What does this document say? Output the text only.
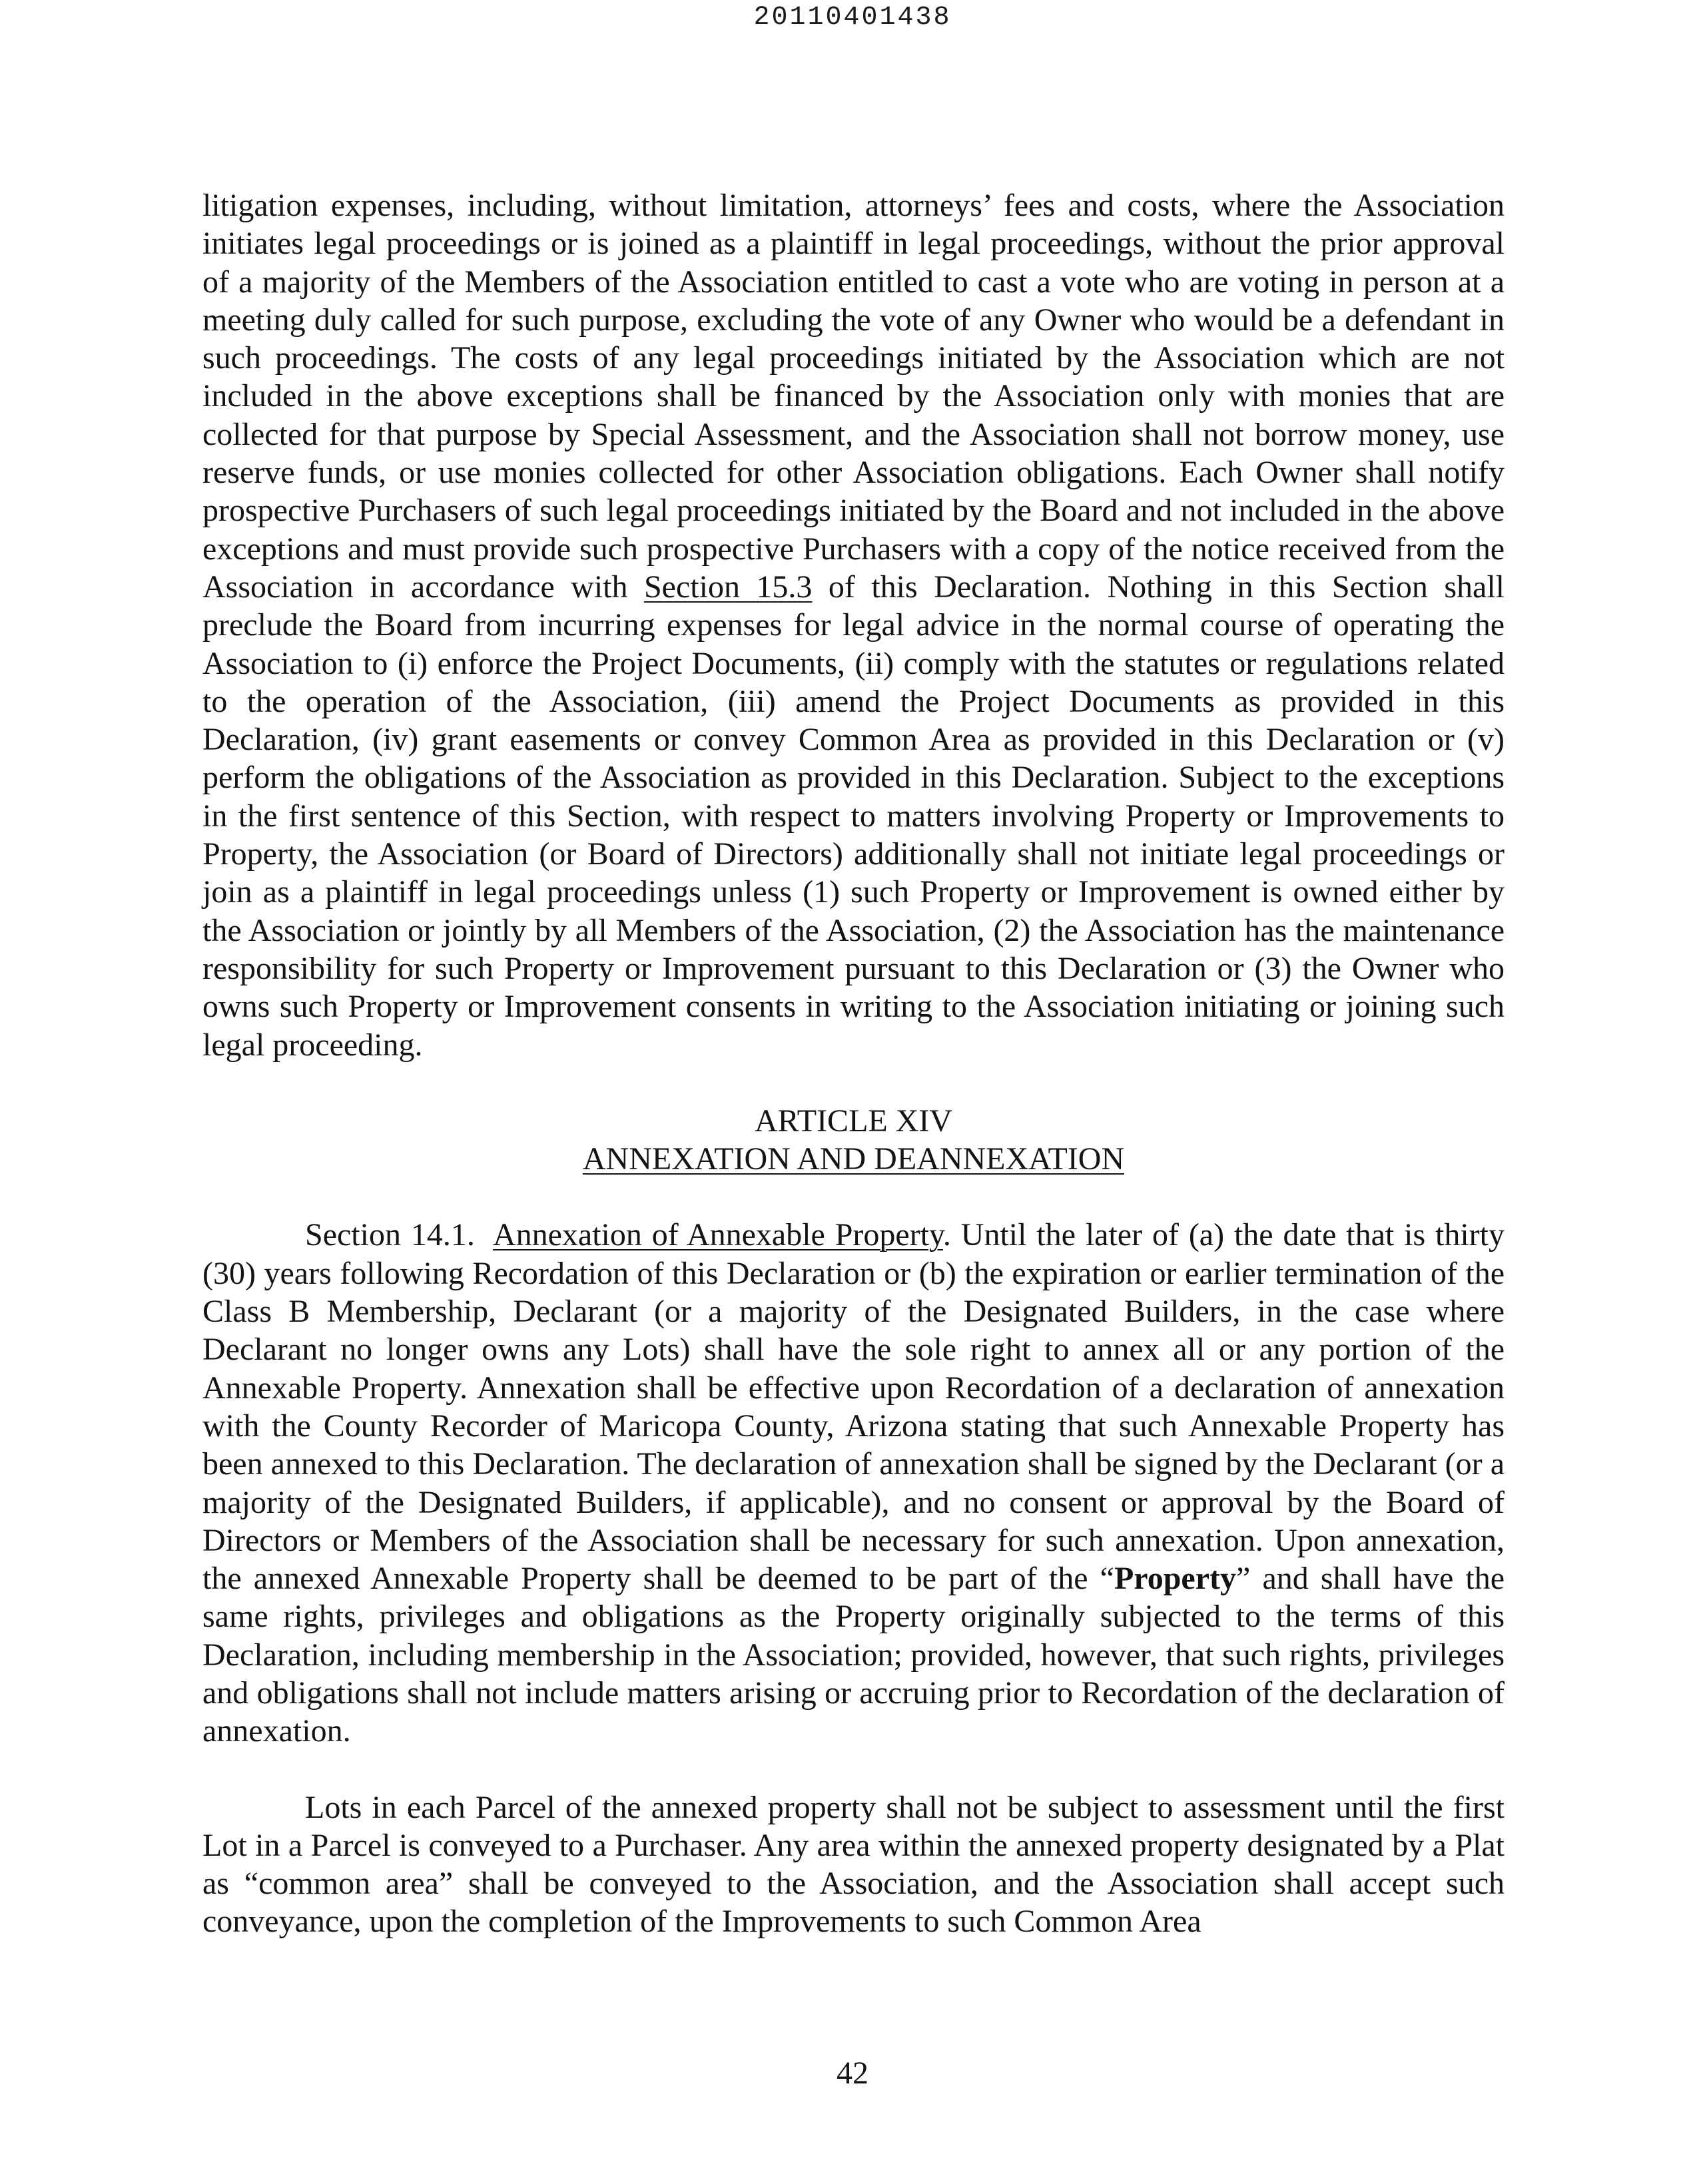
20110401438

litigation expenses, including, without limitation, attorneys’ fees and costs, where the Association initiates legal proceedings or is joined as a plaintiff in legal proceedings, without the prior approval of a majority of the Members of the Association entitled to cast a vote who are voting in person at a meeting duly called for such purpose, excluding the vote of any Owner who would be a defendant in such proceedings. The costs of any legal proceedings initiated by the Association which are not included in the above exceptions shall be financed by the Association only with monies that are collected for that purpose by Special Assessment, and the Association shall not borrow money, use reserve funds, or use monies collected for other Association obligations. Each Owner shall notify prospective Purchasers of such legal proceedings initiated by the Board and not included in the above exceptions and must provide such prospective Purchasers with a copy of the notice received from the Association in accordance with Section 15.3 of this Declaration. Nothing in this Section shall preclude the Board from incurring expenses for legal advice in the normal course of operating the Association to (i) enforce the Project Documents, (ii) comply with the statutes or regulations related to the operation of the Association, (iii) amend the Project Documents as provided in this Declaration, (iv) grant easements or convey Common Area as provided in this Declaration or (v) perform the obligations of the Association as provided in this Declaration. Subject to the exceptions in the first sentence of this Section, with respect to matters involving Property or Improvements to Property, the Association (or Board of Directors) additionally shall not initiate legal proceedings or join as a plaintiff in legal proceedings unless (1) such Property or Improvement is owned either by the Association or jointly by all Members of the Association, (2) the Association has the maintenance responsibility for such Property or Improvement pursuant to this Declaration or (3) the Owner who owns such Property or Improvement consents in writing to the Association initiating or joining such legal proceeding.

ARTICLE XIV
ANNEXATION AND DEANNEXATION

Section 14.1. Annexation of Annexable Property. Until the later of (a) the date that is thirty (30) years following Recordation of this Declaration or (b) the expiration or earlier termination of the Class B Membership, Declarant (or a majority of the Designated Builders, in the case where Declarant no longer owns any Lots) shall have the sole right to annex all or any portion of the Annexable Property. Annexation shall be effective upon Recordation of a declaration of annexation with the County Recorder of Maricopa County, Arizona stating that such Annexable Property has been annexed to this Declaration. The declaration of annexation shall be signed by the Declarant (or a majority of the Designated Builders, if applicable), and no consent or approval by the Board of Directors or Members of the Association shall be necessary for such annexation. Upon annexation, the annexed Annexable Property shall be deemed to be part of the “Property” and shall have the same rights, privileges and obligations as the Property originally subjected to the terms of this Declaration, including membership in the Association; provided, however, that such rights, privileges and obligations shall not include matters arising or accruing prior to Recordation of the declaration of annexation.

Lots in each Parcel of the annexed property shall not be subject to assessment until the first Lot in a Parcel is conveyed to a Purchaser. Any area within the annexed property designated by a Plat as “common area” shall be conveyed to the Association, and the Association shall accept such conveyance, upon the completion of the Improvements to such Common Area

42
